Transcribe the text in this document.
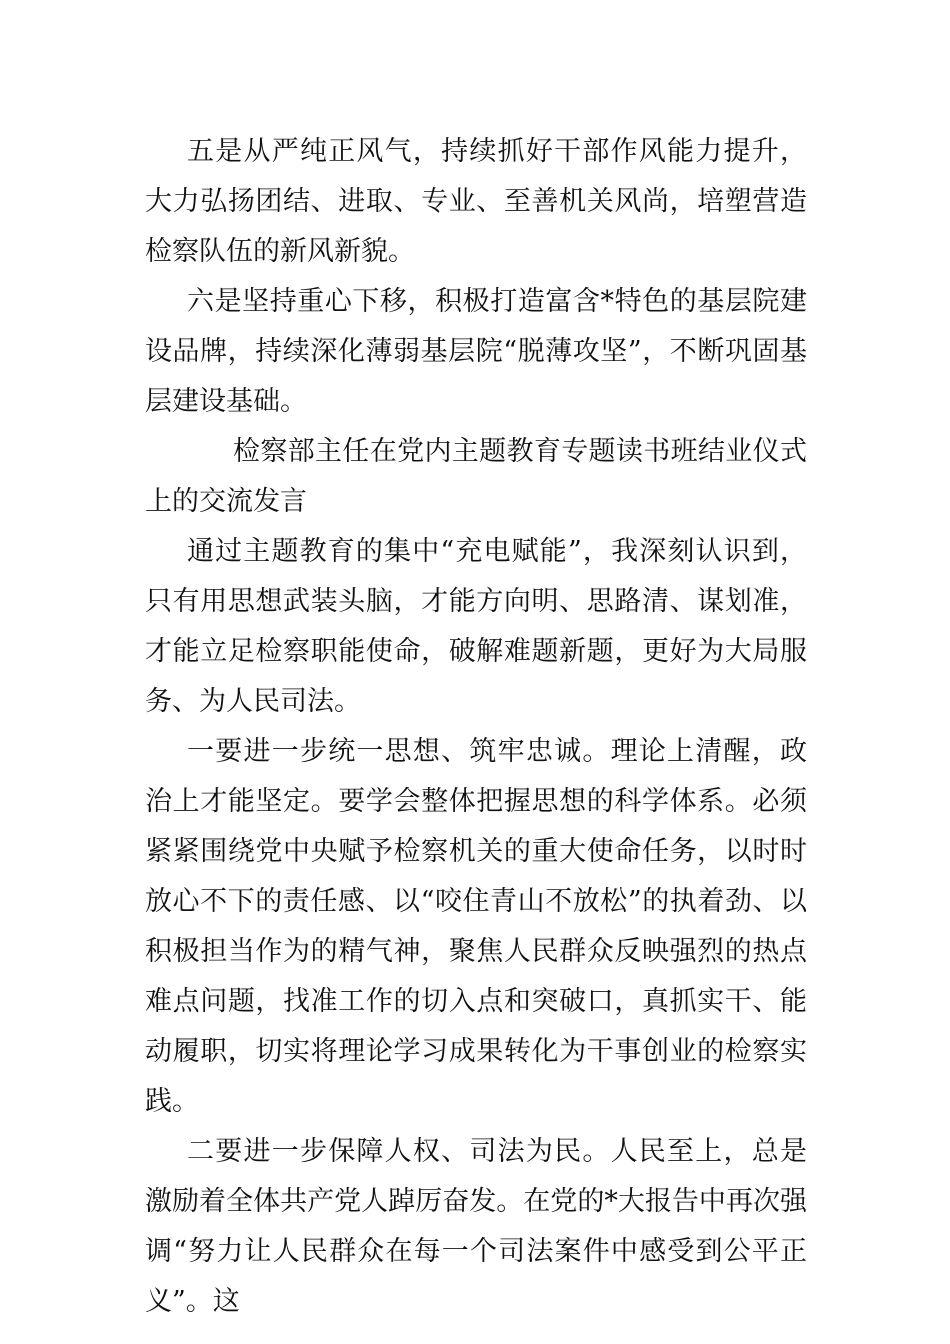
五是从严纯正风气，持续抓好干部作风能力提升，大力弘扬团结、进取、专业、至善机关风尚，培塑营造检察队伍的新风新貌。

六是坚持重心下移，积极打造富含*特色的基层院建设品牌，持续深化薄弱基层院“脱薄攻坚”，不断巩固基层建设基础。

检察部主任在党内主题教育专题读书班结业仪式上的交流发言

通过主题教育的集中“充电赋能”，我深刻认识到，只有用思想武装头脑，才能方向明、思路清、谋划准，才能立足检察职能使命，破解难题新题，更好为大局服务、为人民司法。

一要进一步统一思想、筑牢忠诚。理论上清醒，政治上才能坚定。要学会整体把握思想的科学体系。必须紧紧围绕党中央赋予检察机关的重大使命任务，以时时放心不下的责任感、以“咬住青山不放松”的执着劲、以积极担当作为的精气神，聚焦人民群众反映强烈的热点难点问题，找准工作的切入点和突破口，真抓实干、能动履职，切实将理论学习成果转化为干事创业的检察实践。

二要进一步保障人权、司法为民。人民至上，总是激励着全体共产党人踔厉奋发。在党的*大报告中再次强调“努力让人民群众在每一个司法案件中感受到公平正义”。这
